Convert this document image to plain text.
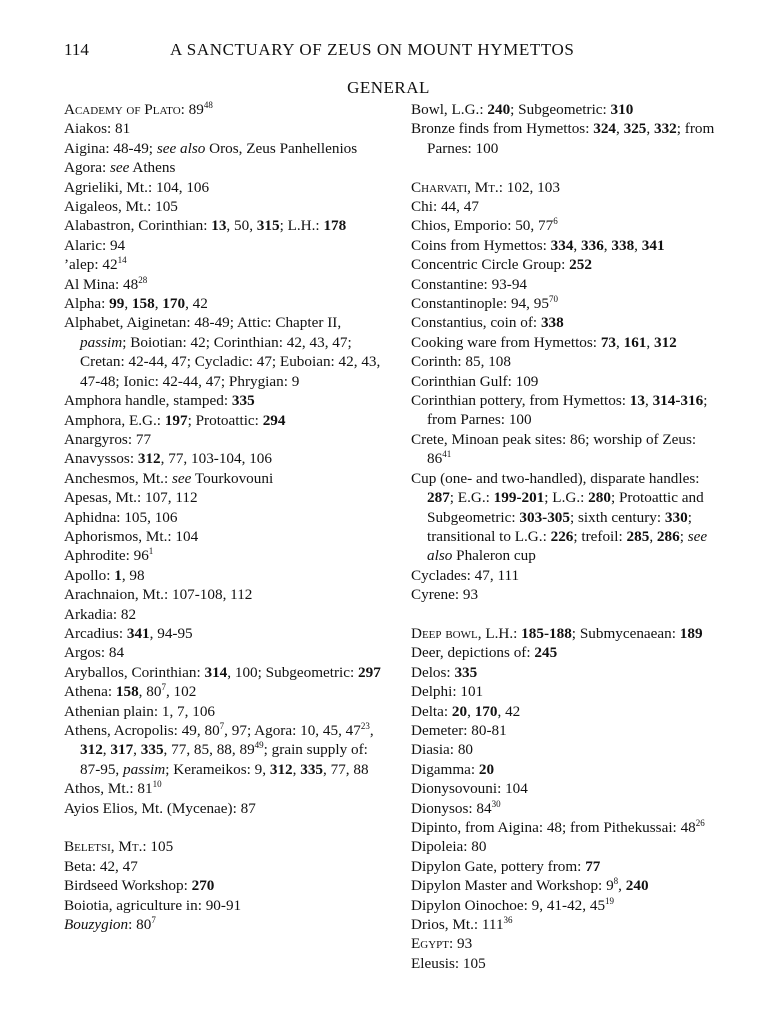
114	A SANCTUARY OF ZEUS ON MOUNT HYMETTOS
GENERAL

Academy of Plato: $89^{48}$

Aiakos: 81

Aigina: 48-49; see also Oros, Zeus Panhellenios

Agora: see Athens

Agrieliki, Mt.: 104, 106

Aigaleos, Mt.: 105

Alabastron, Corinthian: 13, 50, 315; L.H.: 178

Alaric: 94

’alep: $42^{14}$

Al Mina: $48^{28}$

Alpha: 99, 158, 170, 42

Alphabet, Aiginetan: 48-49; Attic: Chapter II, passim; Boiotian: 42; Corinthian: 42, 43, 47; Cretan: 42-44, 47; Cycladic: 47; Euboian: 42, 43, 47-48; Ionic: 42-44, 47; Phrygian: 9

Amphora handle, stamped: 335

Amphora, E.G.: 197; Protoattic: 294

Anargyros: 77

Anavyssos: 312, 77, 103-104, 106

Anchesmos, Mt.: see Tourkovouni

Apesas, Mt.: 107, 112

Aphidna: 105, 106

Aphorismos, Mt.: 104

Aphrodite: $96^1$

Apollo: 1, 98

Arachnaion, Mt.: 107-108, 112

Arkadia: 82

Arcadius: 341, 94-95

Argos: 84

Aryballos, Corinthian: 314, 100; Subgeometric: 297

Athena: 158, $80^7$, 102

Athenian plain: 1, 7, 106

Athens, Acropolis: 49, $80^7$, 97; Agora: 10, 45, $47^{23}$, 312, 317, 335, 77, 85, 88, $89^{49}$; grain supply of: 87-95, passim; Kerameikos: 9, 312, 335, 77, 88

Athos, Mt.: $81^{10}$

Ayios Elios, Mt. (Mycenae): 87

Beletsi, Mt.: 105

Beta: 42, 47

Birdseed Workshop: 270

Boiotia, agriculture in: 90-91

Bouzygion: $80^7$

Bowl, L.G.: 240; Subgeometric: 310

Bronze finds from Hymettos: 324, 325, 332; from Parnes: 100

Charvati, Mt.: 102, 103

Chi: 44, 47

Chios, Emporio: 50, $77^6$

Coins from Hymettos: 334, 336, 338, 341

Concentric Circle Group: 252

Constantine: 93-94

Constantinople: 94, $95^{70}$

Constantius, coin of: 338

Cooking ware from Hymettos: 73, 161, 312

Corinth: 85, 108

Corinthian Gulf: 109

Corinthian pottery, from Hymettos: 13, 314-316; from Parnes: 100

Crete, Minoan peak sites: 86; worship of Zeus: $86^{41}$

Cup (one- and two-handled), disparate handles: 287; E.G.: 199-201; L.G.: 280; Protoattic and Subgeometric: 303-305; sixth century: 330; transitional to L.G.: 226; trefoil: 285, 286; see also Phaleron cup

Cyclades: 47, 111

Cyrene: 93

Deep bowl, L.H.: 185-188; Submycenaean: 189

Deer, depictions of: 245

Delos: 335

Delphi: 101

Delta: 20, 170, 42

Demeter: 80-81

Diasia: 80

Digamma: 20

Dionysovouni: 104

Dionysos: $84^{30}$

Dipinto, from Aigina: 48; from Pithekussai: $48^{26}$

Dipoleia: 80

Dipylon Gate, pottery from: 77

Dipylon Master and Workshop: $9^8$, 240

Dipylon Oinochoe: 9, 41-42, $45^{19}$

Drios, Mt.: $111^{36}$

Egypt: 93

Eleusis: 105
